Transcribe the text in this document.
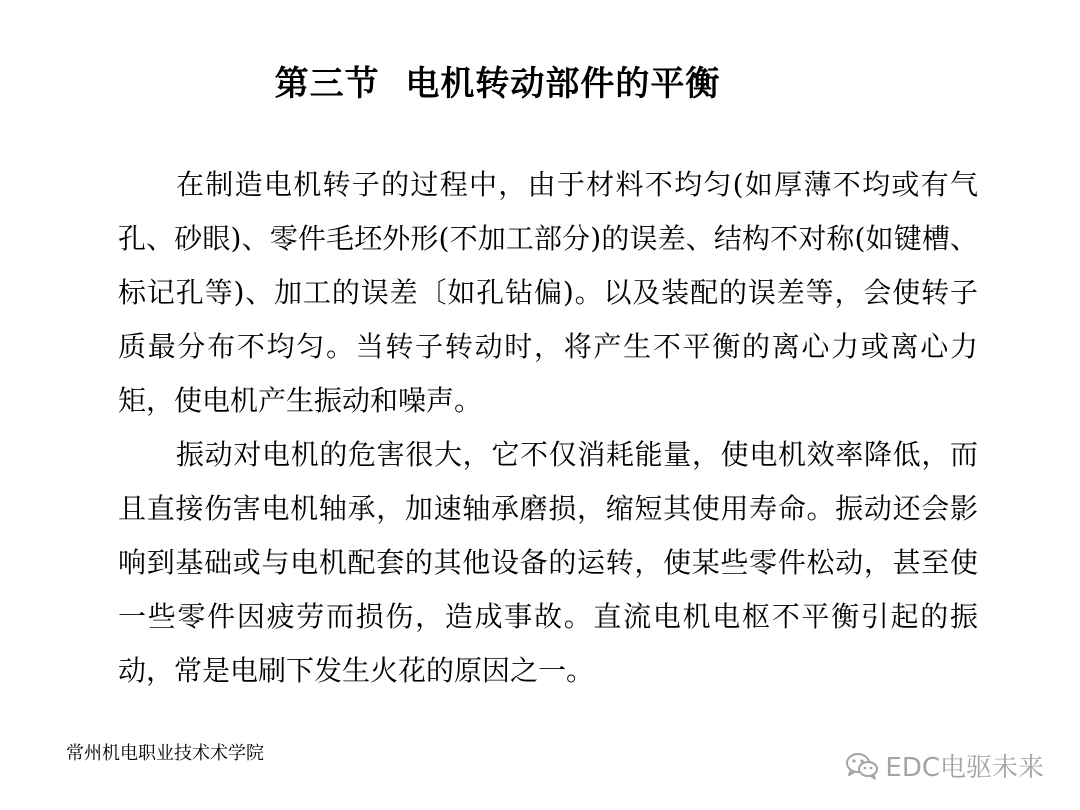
第三节  电机转动部件的平衡

在制造电机转子的过程中，由于材料不均匀(如厚薄不均或有气孔、砂眼)、零件毛坯外形(不加工部分)的误差、结构不对称(如键槽、标记孔等)、加工的误差〔如孔钻偏)。以及装配的误差等，会使转子质最分布不均匀。当转子转动时，将产生不平衡的离心力或离心力矩，使电机产生振动和噪声。

振动对电机的危害很大，它不仅消耗能量，使电机效率降低，而且直接伤害电机轴承，加速轴承磨损，缩短其使用寿命。振动还会影响到基础或与电机配套的其他设备的运转，使某些零件松动，甚至使一些零件因疲劳而损伤，造成事故。直流电机电枢不平衡引起的振动，常是电刷下发生火花的原因之一。

常州机电职业技术术学院	EDC电驱未来
